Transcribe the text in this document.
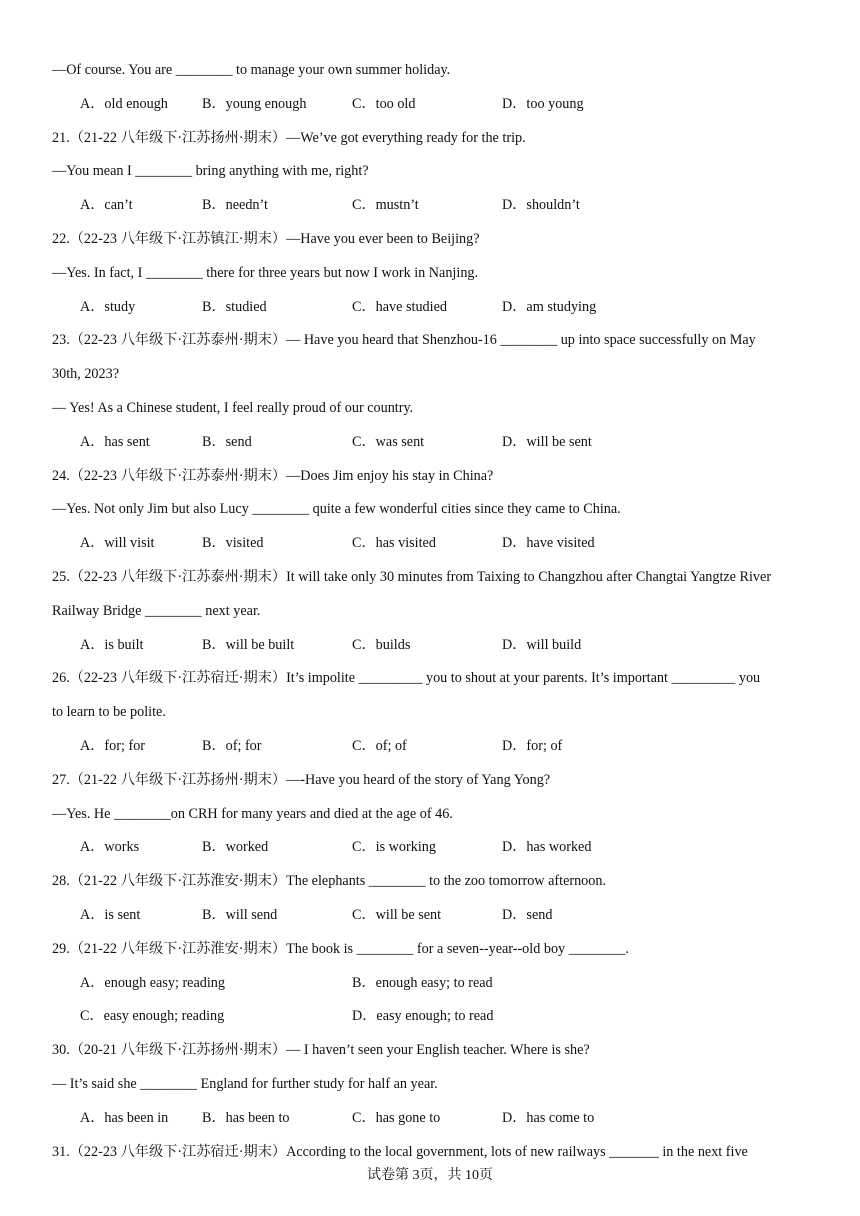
—Of course. You are ________ to manage your own summer holiday.
A．old enough B．young enough	C．too old	D．too young
21.（21-22 八年级下·江苏扬州·期末）—We’ve got everything ready for the trip.
—You mean I ________ bring anything with me, right?
A．can’t	B．needn’t	C．mustn’t	D．shouldn’t
22.（22-23 八年级下·江苏镇江·期末）—Have you ever been to Beijing?
—Yes. In fact, I ________ there for three years but now I work in Nanjing.
A．study	B．studied	C．have studied	D．am studying
23.（22-23 八年级下·江苏泰州·期末）— Have you heard that Shenzhou-16 ________ up into space successfully on May
30th, 2023?
— Yes! As a Chinese student, I feel really proud of our country.
A．has sent	B．send	C．was sent	D．will be sent
24.（22-23 八年级下·江苏泰州·期末）—Does Jim enjoy his stay in China?
—Yes. Not only Jim but also Lucy ________ quite a few wonderful cities since they came to China.
A．will visit	B．visited	C．has visited	D．have visited
25.（22-23 八年级下·江苏泰州·期末）It will take only 30 minutes from Taixing to Changzhou after Changtai Yangtze River
Railway Bridge ________ next year.
A．is built	B．will be built	C．builds	D．will build
26.（22-23 八年级下·江苏宿迁·期末）It’s impolite _________ you to shout at your parents. It’s important _________ you
to learn to be polite.
A．for; for	B．of; for	C．of; of	D．for; of
27.（21-22 八年级下·江苏扬州·期末）—-Have you heard of the story of Yang Yong?
—Yes. He ________on CRH for many years and died at the age of 46.
A．works	B．worked	C．is working	D．has worked
28.（21-22 八年级下·江苏淮安·期末）The elephants ________ to the zoo tomorrow afternoon.
A．is sent	B．will send	C．will be sent	D．send
29.（21-22 八年级下·江苏淮安·期末）The book is ________ for a seven--year--old boy ________.
A．enough easy; reading	B．enough easy; to read
C．easy enough; reading	D．easy enough; to read
30.（20-21 八年级下·江苏扬州·期末）— I haven’t seen your English teacher. Where is she?
— It’s said she ________ England for further study for half an year.
A．has been in B．has been to	C．has gone to	D．has come to
31.（22-23 八年级下·江苏宿迁·期末）According to the local government, lots of new railways _______ in the next five
试卷第 3页，共 10页
